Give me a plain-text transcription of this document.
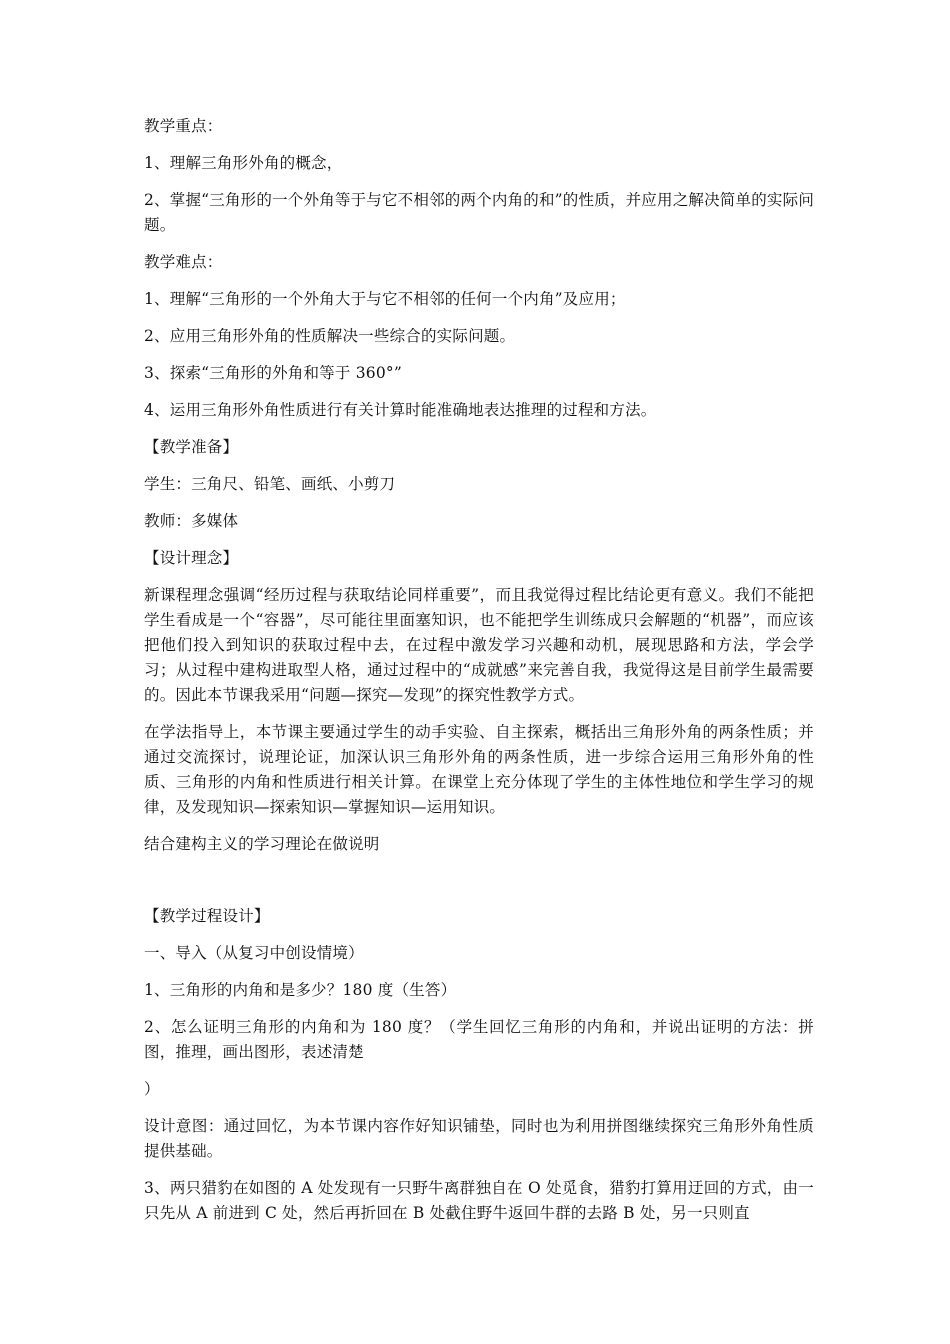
教学重点：

1、理解三角形外角的概念，

2、掌握“三角形的一个外角等于与它不相邻的两个内角的和”的性质，并应用之解决简单的实际问题。

教学难点：

1、理解“三角形的一个外角大于与它不相邻的任何一个内角”及应用；

2、应用三角形外角的性质解决一些综合的实际问题。

3、探索“三角形的外角和等于 360°”

4、运用三角形外角性质进行有关计算时能准确地表达推理的过程和方法。

【教学准备】

学生：三角尺、铅笔、画纸、小剪刀

教师：多媒体

【设计理念】

新课程理念强调“经历过程与获取结论同样重要”，而且我觉得过程比结论更有意义。我们不能把学生看成是一个“容器”，尽可能往里面塞知识，也不能把学生训练成只会解题的“机器”，而应该把他们投入到知识的获取过程中去，在过程中激发学习兴趣和动机，展现思路和方法，学会学习；从过程中建构进取型人格，通过过程中的“成就感”来完善自我，我觉得这是目前学生最需要的。因此本节课我采用“问题—探究—发现”的探究性教学方式。

在学法指导上，本节课主要通过学生的动手实验、自主探索，概括出三角形外角的两条性质；并通过交流探讨，说理论证，加深认识三角形外角的两条性质，进一步综合运用三角形外角的性质、三角形的内角和性质进行相关计算。在课堂上充分体现了学生的主体性地位和学生学习的规律，及发现知识—探索知识—掌握知识—运用知识。

结合建构主义的学习理论在做说明

【教学过程设计】

一、导入（从复习中创设情境）

1、三角形的内角和是多少？180 度（生答）

2、怎么证明三角形的内角和为 180 度？（学生回忆三角形的内角和，并说出证明的方法：拼图，推理，画出图形，表述清楚

）

设计意图：通过回忆，为本节课内容作好知识铺垫，同时也为利用拼图继续探究三角形外角性质提供基础。

3、两只猎豹在如图的 A 处发现有一只野牛离群独自在 O 处觅食，猎豹打算用迂回的方式，由一只先从 A 前进到 C 处，然后再折回在 B 处截住野牛返回牛群的去路 B 处，另一只则直
